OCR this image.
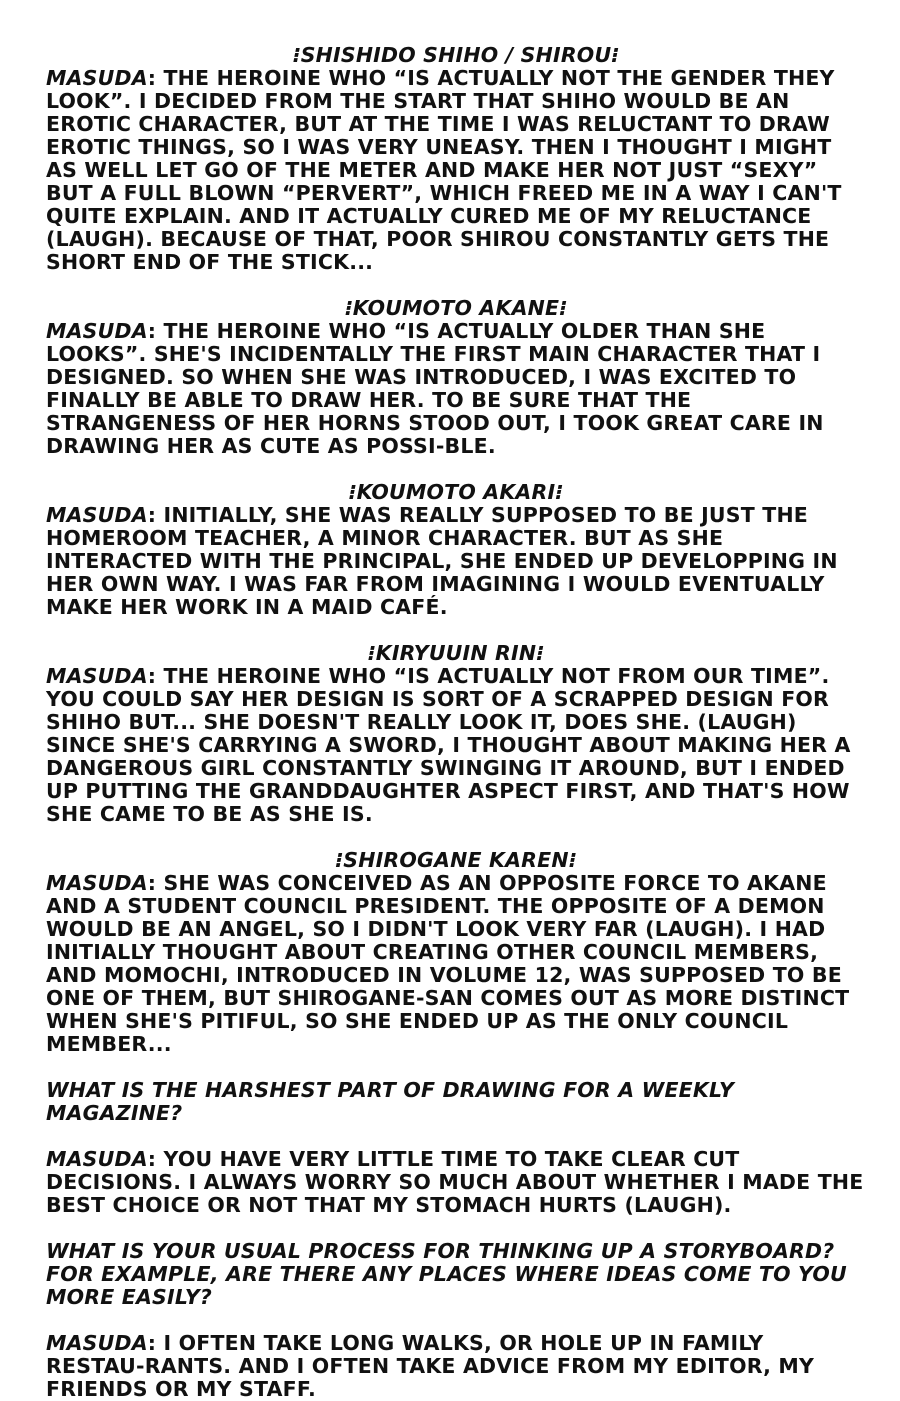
⁝SHISHIDO SHIHO / SHIROU⁝

MASUDA: THE HEROINE WHO “IS ACTUALLY NOT THE GENDER THEY LOOK”. I DECIDED FROM THE START THAT SHIHO WOULD BE AN EROTIC CHARACTER, BUT AT THE TIME I WAS RELUCTANT TO DRAW EROTIC THINGS, SO I WAS VERY UNEASY. THEN I THOUGHT I MIGHT AS WELL LET GO OF THE METER AND MAKE HER NOT JUST “SEXY” BUT A FULL BLOWN “PERVERT”, WHICH FREED ME IN A WAY I CAN'T QUITE EXPLAIN. AND IT ACTUALLY CURED ME OF MY RELUCTANCE (LAUGH). BECAUSE OF THAT, POOR SHIROU CONSTANTLY GETS THE SHORT END OF THE STICK...

⁝KOUMOTO AKANE⁝

MASUDA: THE HEROINE WHO “IS ACTUALLY OLDER THAN SHE LOOKS”. SHE'S INCIDENTALLY THE FIRST MAIN CHARACTER THAT I DESIGNED. SO WHEN SHE WAS INTRODUCED, I WAS EXCITED TO FINALLY BE ABLE TO DRAW HER. TO BE SURE THAT THE STRANGENESS OF HER HORNS STOOD OUT, I TOOK GREAT CARE IN DRAWING HER AS CUTE AS POSSI-BLE.

⁝KOUMOTO AKARI⁝

MASUDA: INITIALLY, SHE WAS REALLY SUPPOSED TO BE JUST THE HOMEROOM TEACHER, A MINOR CHARACTER. BUT AS SHE INTERACTED WITH THE PRINCIPAL, SHE ENDED UP DEVELOPPING IN HER OWN WAY. I WAS FAR FROM IMAGINING I WOULD EVENTUALLY MAKE HER WORK IN A MAID CAFÉ.

⁝KIRYUUIN RIN⁝

MASUDA: THE HEROINE WHO “IS ACTUALLY NOT FROM OUR TIME”. YOU COULD SAY HER DESIGN IS SORT OF A SCRAPPED DESIGN FOR SHIHO BUT... SHE DOESN'T REALLY LOOK IT, DOES SHE. (LAUGH) SINCE SHE'S CARRYING A SWORD, I THOUGHT ABOUT MAKING HER A DANGEROUS GIRL CONSTANTLY SWINGING IT AROUND, BUT I ENDED UP PUTTING THE GRANDDAUGHTER ASPECT FIRST, AND THAT'S HOW SHE CAME TO BE AS SHE IS.

⁝SHIROGANE KAREN⁝

MASUDA: SHE WAS CONCEIVED AS AN OPPOSITE FORCE TO AKANE AND A STUDENT COUNCIL PRESIDENT. THE OPPOSITE OF A DEMON WOULD BE AN ANGEL, SO I DIDN'T LOOK VERY FAR (LAUGH). I HAD INITIALLY THOUGHT ABOUT CREATING OTHER COUNCIL MEMBERS, AND MOMOCHI, INTRODUCED IN VOLUME 12, WAS SUPPOSED TO BE ONE OF THEM, BUT SHIROGANE-SAN COMES OUT AS MORE DISTINCT WHEN SHE'S PITIFUL, SO SHE ENDED UP AS THE ONLY COUNCIL MEMBER...

WHAT IS THE HARSHEST PART OF DRAWING FOR A WEEKLY MAGAZINE?

MASUDA: YOU HAVE VERY LITTLE TIME TO TAKE CLEAR CUT DECISIONS. I ALWAYS WORRY SO MUCH ABOUT WHETHER I MADE THE BEST CHOICE OR NOT THAT MY STOMACH HURTS (LAUGH).

WHAT IS YOUR USUAL PROCESS FOR THINKING UP A STORYBOARD? FOR EXAMPLE, ARE THERE ANY PLACES WHERE IDEAS COME TO YOU MORE EASILY?

MASUDA: I OFTEN TAKE LONG WALKS, OR HOLE UP IN FAMILY RESTAU-RANTS. AND I OFTEN TAKE ADVICE FROM MY EDITOR, MY FRIENDS OR MY STAFF.
